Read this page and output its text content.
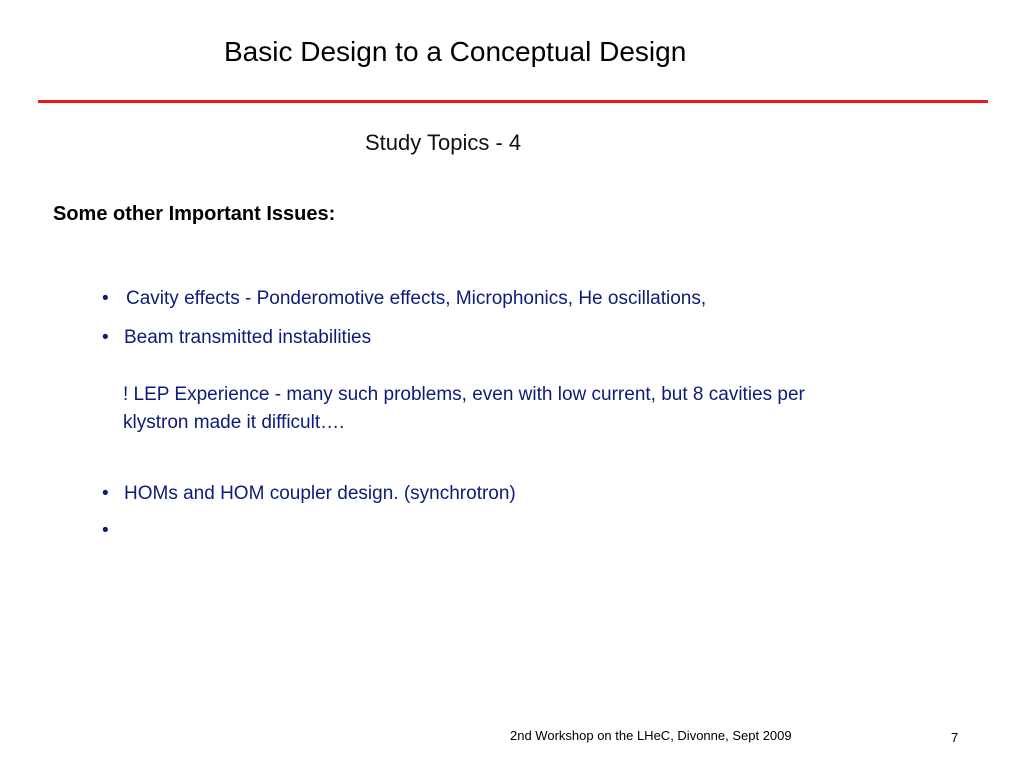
Basic Design to a Conceptual Design
Study Topics - 4
Some other Important Issues:
• Cavity effects - Ponderomotive effects, Microphonics, He oscillations,
• Beam transmitted instabilities
! LEP Experience - many such problems, even with low current, but 8 cavities per
klystron made it difficult….
• HOMs and HOM coupler design. (synchrotron)
•
2nd Workshop on the LHeC, Divonne, Sept 2009	7
